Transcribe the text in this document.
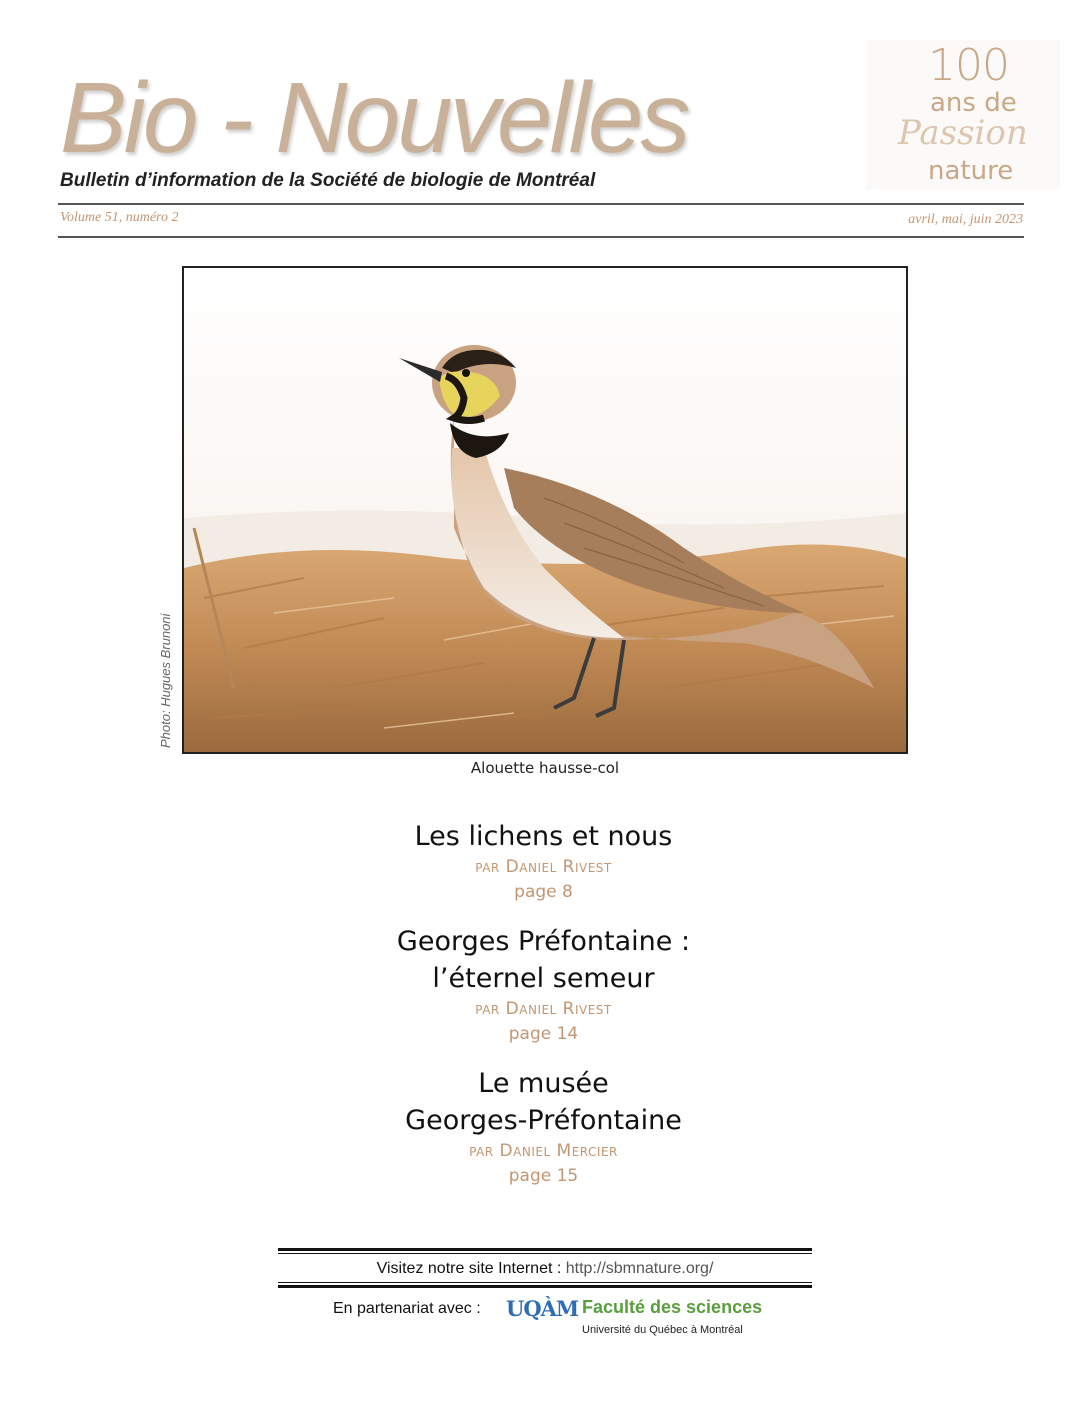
Bio - Nouvelles
Bulletin d’information de la Société de biologie de Montréal
Volume 51, numéro 2	avril, mai, juin 2023
100
ans de
Passion
nature
Photo: Hugues Brunoni
Alouette hausse-col
Les lichens et nous
par Daniel Rivest
page 8
Georges Préfontaine :
l’éternel semeur
par Daniel Rivest
page 14
Le musée
Georges-Préfontaine
par Daniel Mercier
page 15
Visitez notre site Internet : http://sbmnature.org/
En partenariat avec : UQÀM Faculté des sciences
Université du Québec à Montréal
